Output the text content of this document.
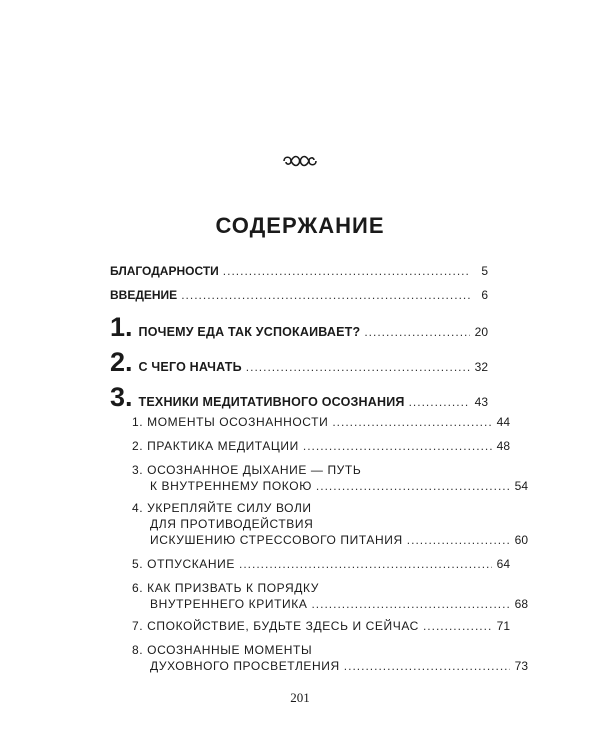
СОДЕРЖАНИЕ
БЛАГОДАРНОСТИ .....	5
ВВЕДЕНИЕ .....	6
1. ПОЧЕМУ ЕДА ТАК УСПОКАИВАЕТ? .....	20
2. С ЧЕГО НАЧАТЬ .....	32
3. ТЕХНИКИ МЕДИТАТИВНОГО ОСОЗНАНИЯ .....	43
1. МОМЕНТЫ ОСОЗНАННОСТИ .....	44
2. ПРАКТИКА МЕДИТАЦИИ .....	48
3. ОСОЗНАННОЕ ДЫХАНИЕ — ПУТЬ
К ВНУТРЕННЕМУ ПОКОЮ .....	54
4. УКРЕПЛЯЙТЕ СИЛУ ВОЛИ
ДЛЯ ПРОТИВОДЕЙСТВИЯ
ИСКУШЕНИЮ СТРЕССОВОГО ПИТАНИЯ .....	60
5. ОТПУСКАНИЕ .....	64
6. КАК ПРИЗВАТЬ К ПОРЯДКУ
ВНУТРЕННЕГО КРИТИКА .....	68
7. СПОКОЙСТВИЕ, БУДЬТЕ ЗДЕСЬ И СЕЙЧАС .....	71
8. ОСОЗНАННЫЕ МОМЕНТЫ
ДУХОВНОГО ПРОСВЕТЛЕНИЯ .....	73
201
